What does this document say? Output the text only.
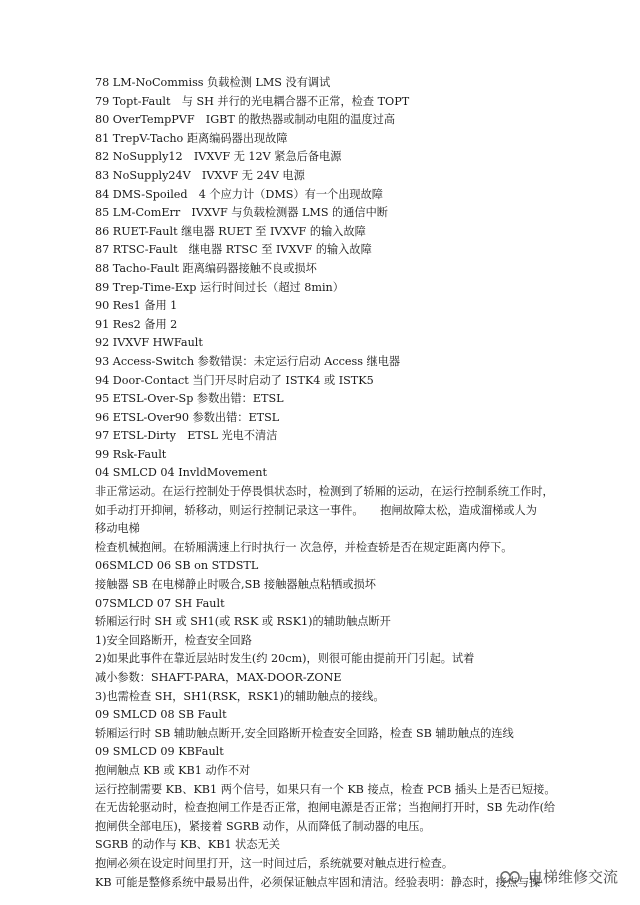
78 LM-NoCommiss 负载检测 LMS 没有调试
79 Topt-Fault　与 SH 并行的光电耦合器不正常，检查 TOPT
80 OverTempPVF　IGBT 的散热器或制动电阻的温度过高
81 TrepV-Tacho 距离编码器出现故障
82 NoSupply12　IVXVF 无 12V 紧急后备电源
83 NoSupply24V　IVXVF 无 24V 电源
84 DMS-Spoiled　4 个应力计（DMS）有一个出现故障
85 LM-ComErr　IVXVF 与负载检测器 LMS 的通信中断
86 RUET-Fault 继电器 RUET 至 IVXVF 的输入故障
87 RTSC-Fault　继电器 RTSC 至 IVXVF 的输入故障
88 Tacho-Fault 距离编码器接触不良或损坏
89 Trep-Time-Exp 运行时间过长（超过 8min）
90 Res1 备用 1
91 Res2 备用 2
92 IVXVF HWFault
93 Access-Switch 参数错误：未定运行启动 Access 继电器
94 Door-Contact 当门开尽时启动了 ISTK4 或 ISTK5
95 ETSL-Over-Sp 参数出错：ETSL
96 ETSL-Over90 参数出错：ETSL
97 ETSL-Dirty　ETSL 光电不清洁
99 Rsk-Fault
04 SMLCD 04 InvldMovement
非正常运动。在运行控制处于停畏惧状态时，检测到了轿厢的运动，在运行控制系统工作时，
如手动打开抑闸，轿移动，则运行控制记录这一事件。　　抱闸故障太松，造成溜梯或人为
移动电梯
检查机械抱闸。在轿厢满速上行时执行一 次急停，并检查轿是否在规定距离内停下。
06SMLCD 06 SB on STDSTL
接触器 SB 在电梯静止时吸合,SB 接触器触点粘牺或损坏
07SMLCD 07 SH Fault
轿厢运行时 SH 或 SH1(或 RSK 或 RSK1)的辅助触点断开
1)安全回路断开，检查安全回路
2)如果此事件在靠近层站时发生(约 20cm)，则很可能由提前开门引起。试着
减小参数：SHAFT-PARA，MAX-DOOR-ZONE
3)也需检查 SH，SH1(RSK，RSK1)的辅助触点的接线。
09 SMLCD 08 SB Fault
轿厢运行时 SB 辅助触点断开,安全回路断开检查安全回路，检查 SB 辅助触点的连线
09 SMLCD 09 KBFault
抱闸触点 KB 或 KB1 动作不对
运行控制需要 KB、KB1 两个信号，如果只有一个 KB 接点，检查 PCB 插头上是否已短接。
在无齿轮驱动时，检查抱闸工作是否正常，抱闸电源是否正常；当抱闸打开时，SB 先动作(给
抱闸供全部电压)，紧接着 SGRB 动作，从而降低了制动器的电压。
SGRB 的动作与 KB、KB1 状态无关
抱闸必须在设定时间里打开，这一时间过后，系统就要对触点进行检查。
KB 可能是整修系统中最易出件，必须保证触点牢固和清洁。经验表明：静态时，接点与操
电梯维修交流
